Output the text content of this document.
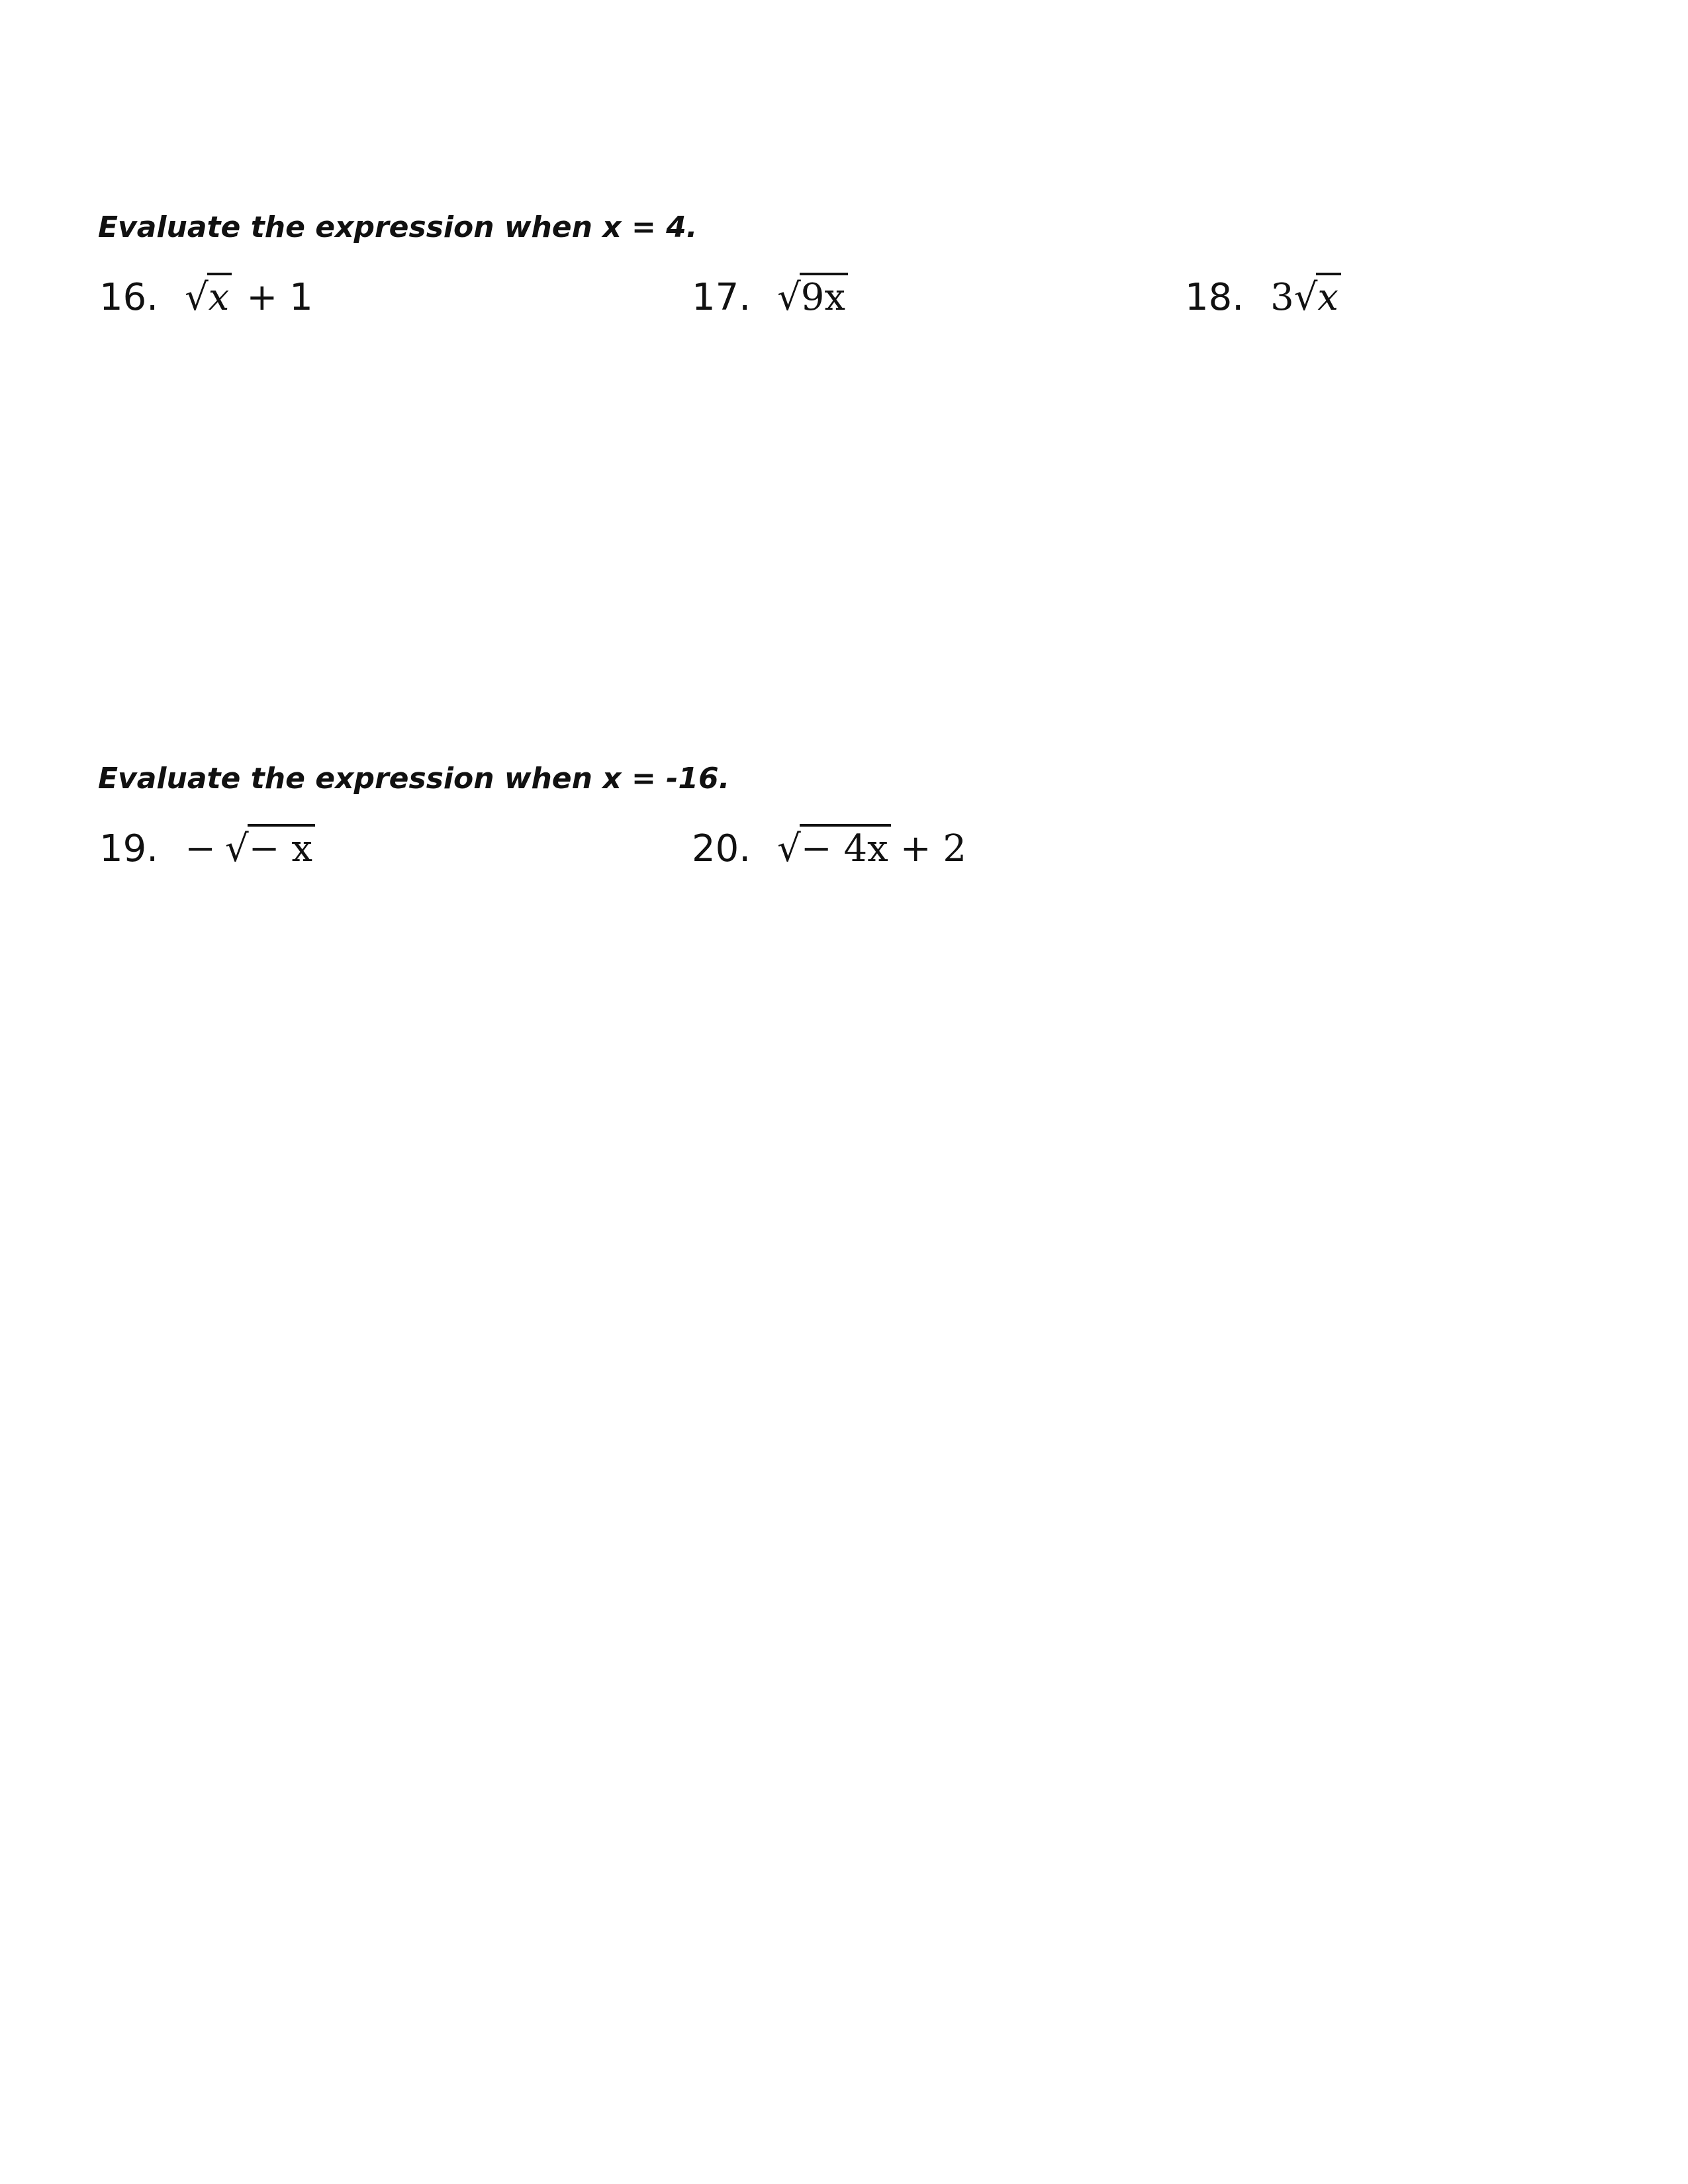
Evaluate the expression when x = 4.
16. √ x + 1	17. √ 9x	18. 3 √ x
Evaluate the expression when x = -16.
19. − √ − x	20. √ − 4x + 2
